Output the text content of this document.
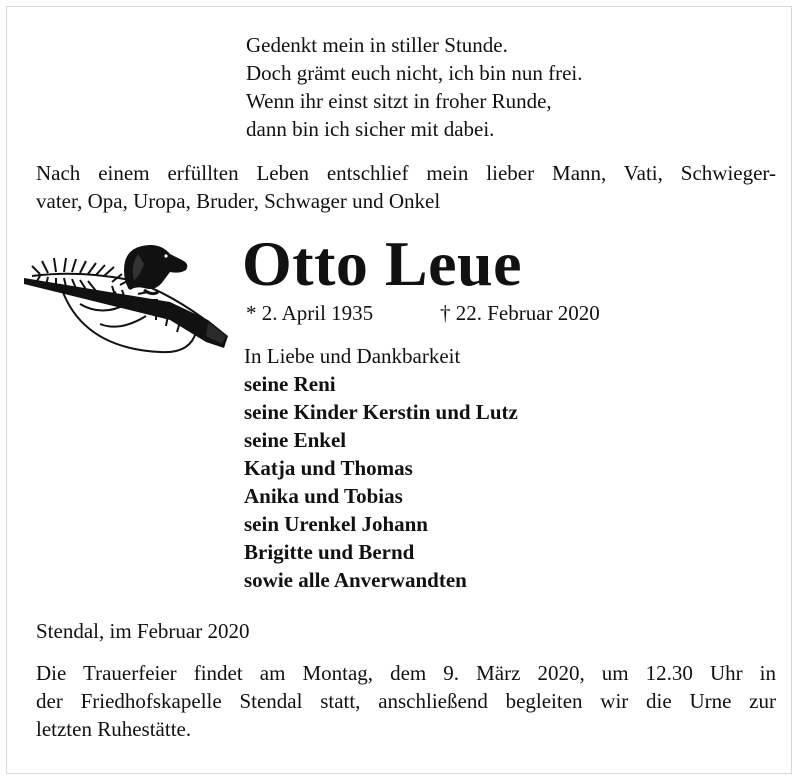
Gedenkt mein in stiller Stunde.
Doch grämt euch nicht, ich bin nun frei.
Wenn ihr einst sitzt in froher Runde,
dann bin ich sicher mit dabei.
Nach einem erfüllten Leben entschlief mein lieber Mann, Vati, Schwieger-
vater, Opa, Uropa, Bruder, Schwager und Onkel
Otto Leue
* 2. April 1935	† 22. Februar 2020
In Liebe und Dankbarkeit
seine Reni
seine Kinder Kerstin und Lutz
seine Enkel
Katja und Thomas
Anika und Tobias
sein Urenkel Johann
Brigitte und Bernd
sowie alle Anverwandten
Stendal, im Februar 2020
Die Trauerfeier findet am Montag, dem 9. März 2020, um 12.30 Uhr in
der Friedhofskapelle Stendal statt, anschließend begleiten wir die Urne zur
letzten Ruhestätte.
